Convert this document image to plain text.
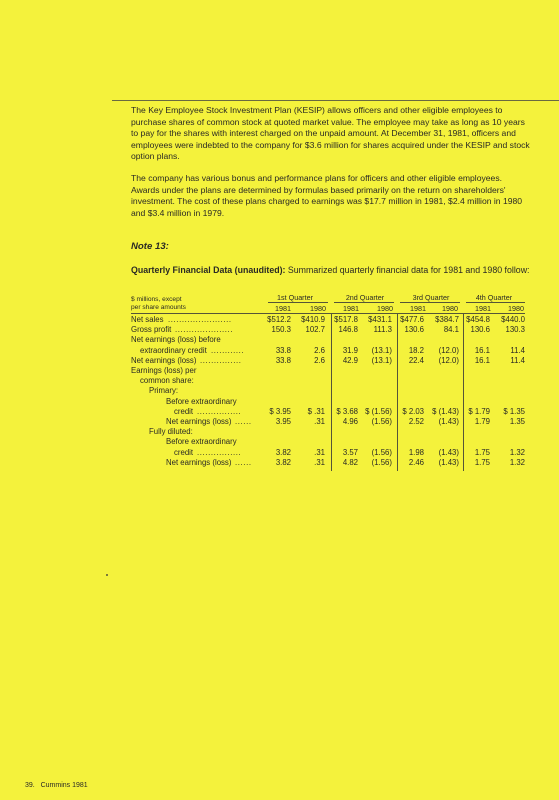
The Key Employee Stock Investment Plan (KESIP) allows officers and other eligible employees to purchase shares of common stock at quoted market value. The employee may take as long as 10 years to pay for the shares with interest charged on the unpaid amount. At December 31, 1981, officers and employees were indebted to the company for $3.6 million for shares acquired under the KESIP and stock option plans.

The company has various bonus and performance plans for officers and other eligible employees. Awards under the plans are determined by formulas based primarily on the return on shareholders' investment. The cost of these plans charged to earnings was $17.7 million in 1981, $2.4 million in 1980 and $3.4 million in 1979.

Note 13:
Quarterly Financial Data (unaudited): Summarized quarterly financial data for 1981 and 1980 follow:
$ millions, except
per share amounts
1st Quarter	2nd Quarter	3rd Quarter	4th Quarter
1981	1980	1981	1980	1981	1980	1981	1980
Net sales .......................	$512.2 $410.9 $517.8 $431.1 $477.6 $384.7 $454.8 $440.0
Gross profit .....................	150.3 102.7 146.8 111.3 130.6	84.1 130.6 130.3
Net earnings (loss) before
extraordinary credit ............	33.8	2.6 31.9 (13.1) 18.2 (12.0) 16.1	11.4
Net earnings (loss) ...............	33.8	2.6 42.9 (13.1) 22.4 (12.0) 16.1	11.4
Earnings (loss) per
common share:
Primary:
Before extraordinary
credit ................	$ 3.95 $ .31 $ 3.68 $ (1.56) $ 2.03 $ (1.43) $ 1.79 $ 1.35
Net earnings (loss) ......	3.95	.31 4.96 (1.56) 2.52 (1.43) 1.79	1.35
Fully diluted:
Before extraordinary
credit ................	3.82	.31 3.57 (1.56) 1.98 (1.43) 1.75	1.32
Net earnings (loss) ......	3.82	.31 4.82 (1.56) 2.46 (1.43) 1.75	1.32
39. Cummins 1981
